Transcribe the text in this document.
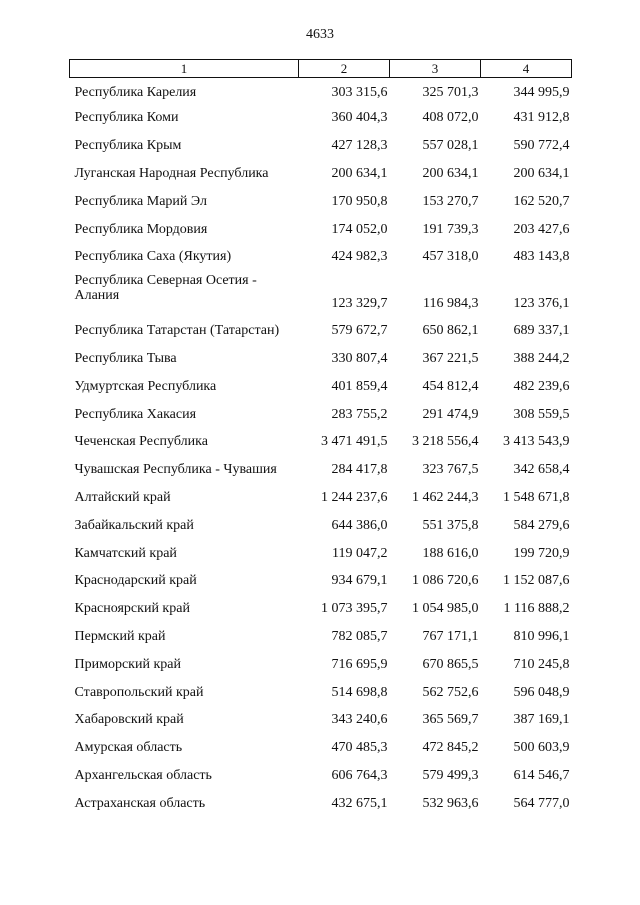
4633
1	2	3	4
Республика Карелия	303 315,6	325 701,3	344 995,9
Республика Коми	360 404,3	408 072,0	431 912,8
Республика Крым	427 128,3	557 028,1	590 772,4
Луганская Народная Республика	200 634,1	200 634,1	200 634,1
Республика Марий Эл	170 950,8	153 270,7	162 520,7
Республика Мордовия	174 052,0	191 739,3	203 427,6
Республика Саха (Якутия)	424 982,3	457 318,0	483 143,8
Республика Северная Осетия - Алания	123 329,7	116 984,3	123 376,1
Республика Татарстан (Татарстан)	579 672,7	650 862,1	689 337,1
Республика Тыва	330 807,4	367 221,5	388 244,2
Удмуртская Республика	401 859,4	454 812,4	482 239,6
Республика Хакасия	283 755,2	291 474,9	308 559,5
Чеченская Республика	3 471 491,5	3 218 556,4	3 413 543,9
Чувашская Республика - Чувашия	284 417,8	323 767,5	342 658,4
Алтайский край	1 244 237,6	1 462 244,3	1 548 671,8
Забайкальский край	644 386,0	551 375,8	584 279,6
Камчатский край	119 047,2	188 616,0	199 720,9
Краснодарский край	934 679,1	1 086 720,6	1 152 087,6
Красноярский край	1 073 395,7	1 054 985,0	1 116 888,2
Пермский край	782 085,7	767 171,1	810 996,1
Приморский край	716 695,9	670 865,5	710 245,8
Ставропольский край	514 698,8	562 752,6	596 048,9
Хабаровский край	343 240,6	365 569,7	387 169,1
Амурская область	470 485,3	472 845,2	500 603,9
Архангельская область	606 764,3	579 499,3	614 546,7
Астраханская область	432 675,1	532 963,6	564 777,0
